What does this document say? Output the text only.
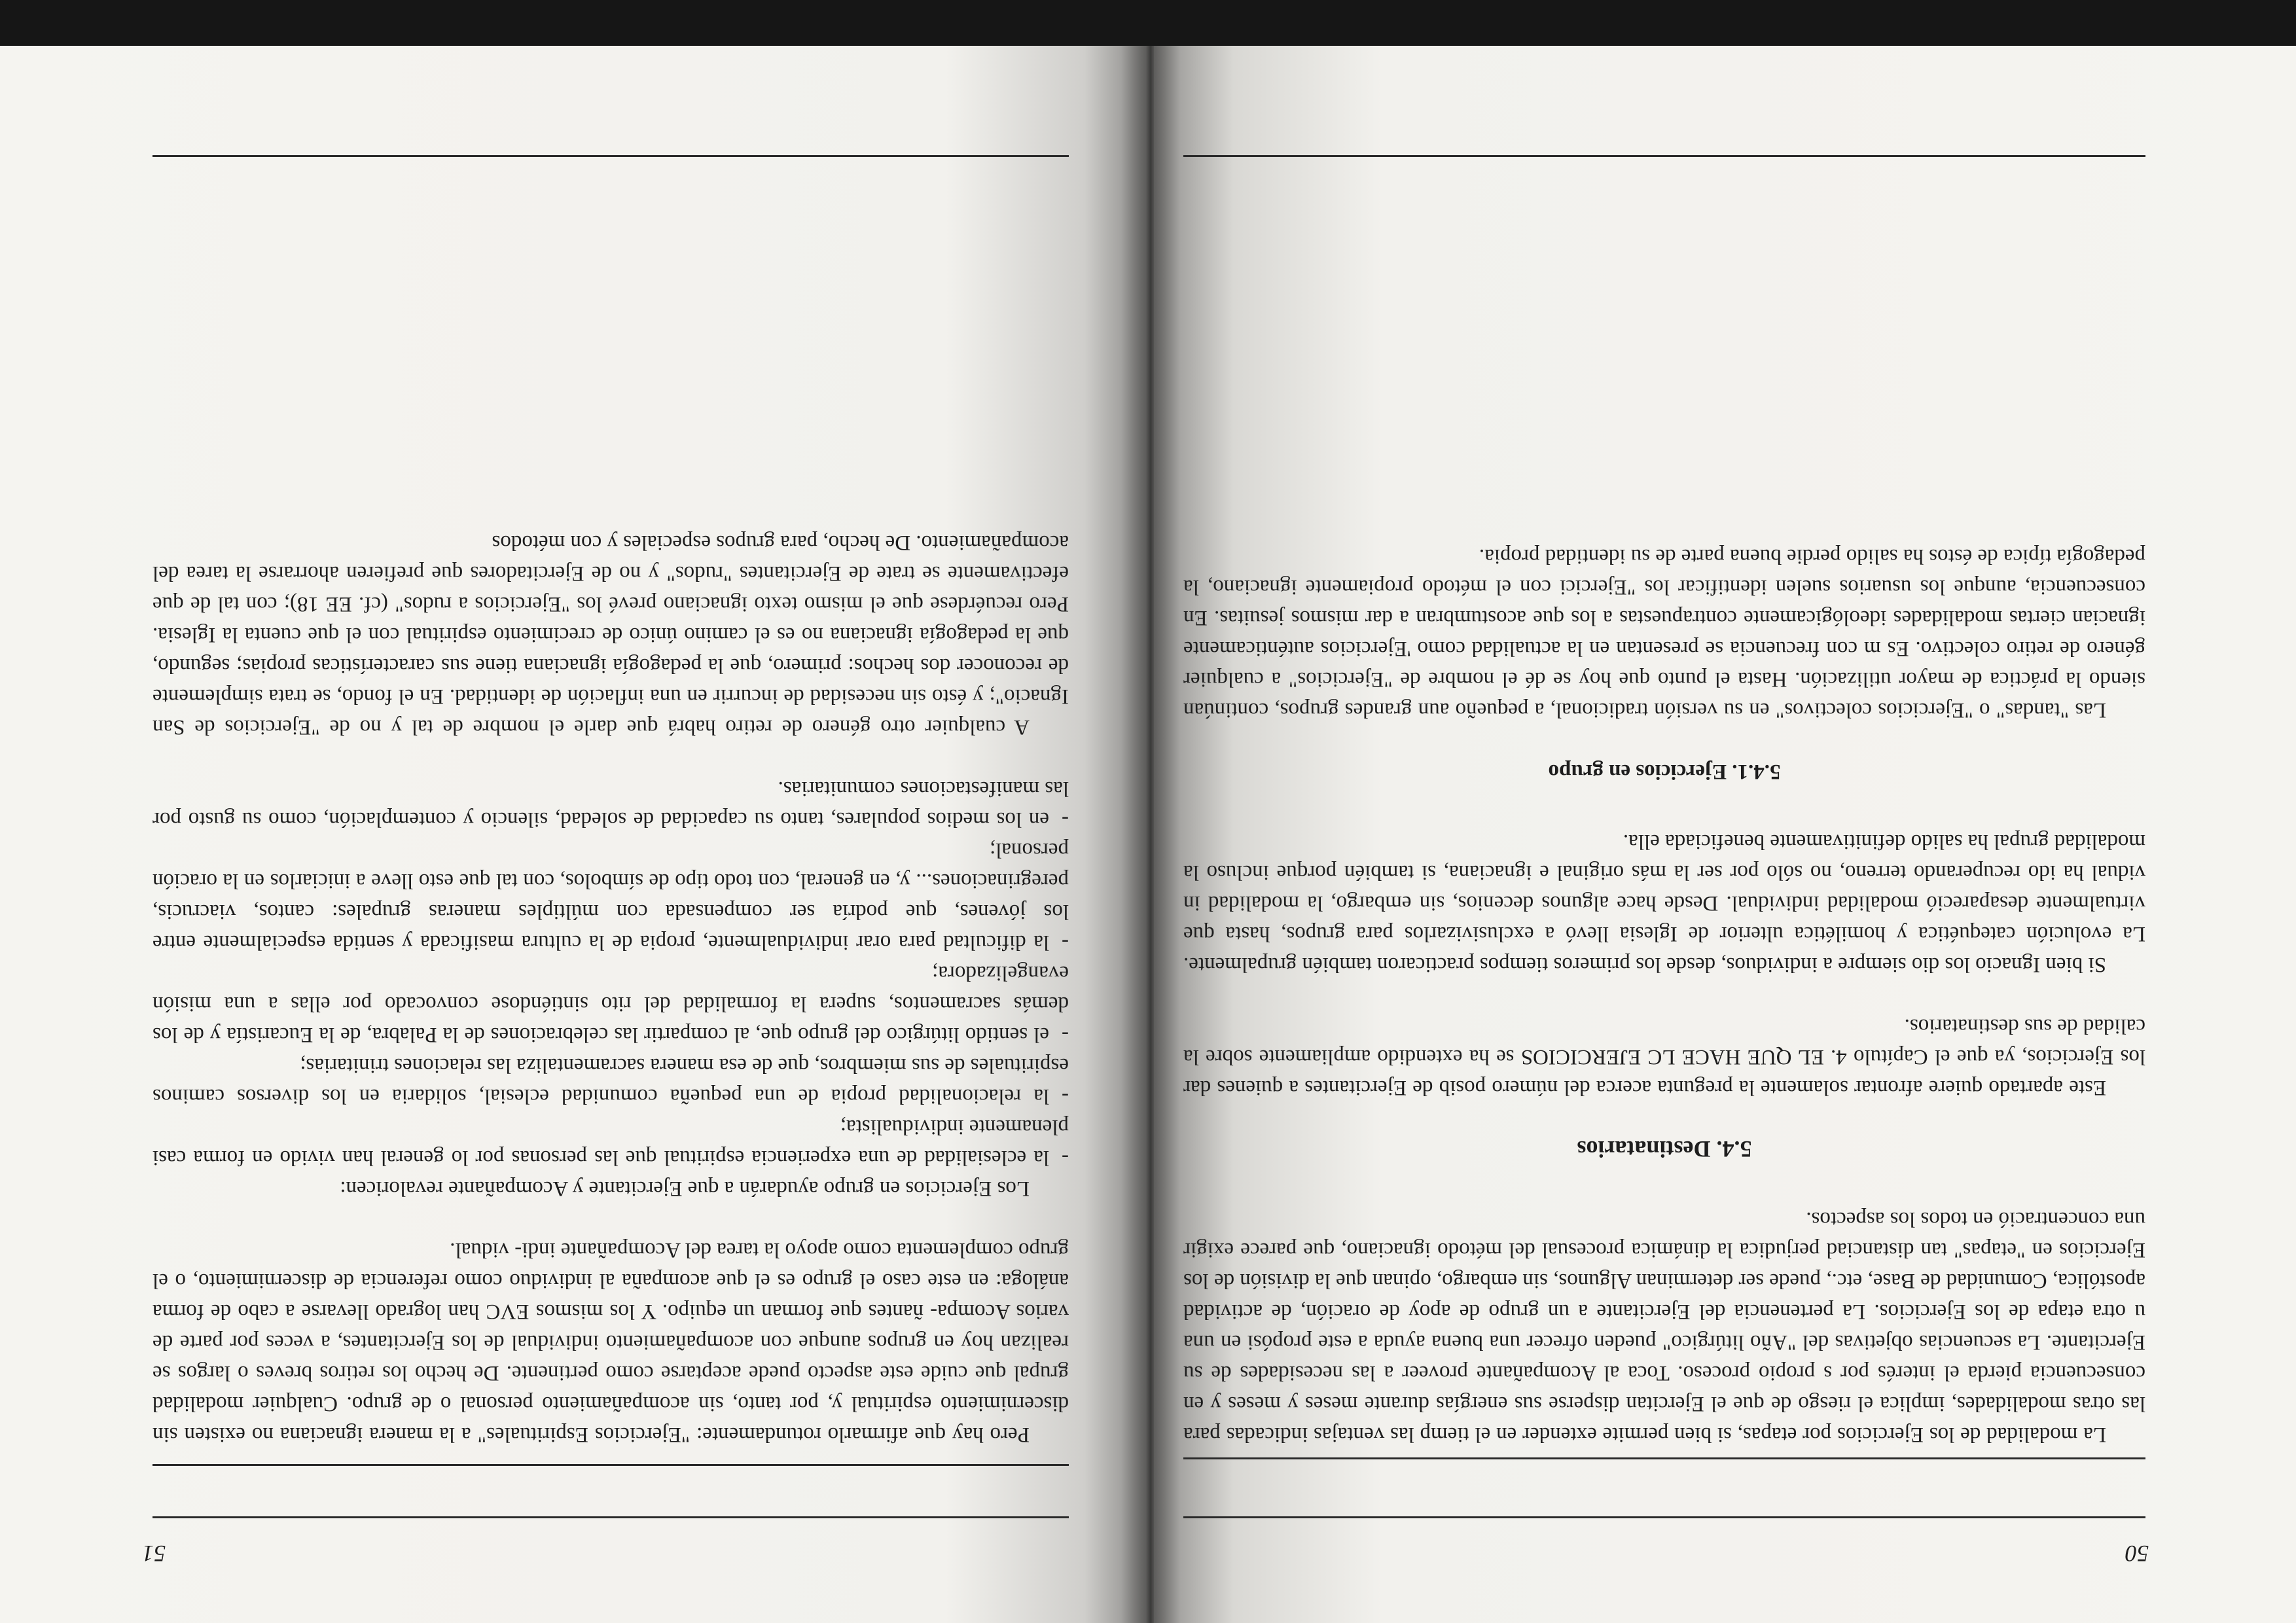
50

La modalidad de los Ejercicios por etapas, si bien permite extender en el tiemp las ventajas indicadas para las otras modalidades, implica el riesgo de que el Ejercitan disperse sus energías durante meses y meses y en consecuencia pierda el interés por s propio proceso. Toca al Acompañante proveer a las necesidades de su Ejercitante. La secuencias objetivas del "Año litúrgico" pueden ofrecer una buena ayuda a este propósi en una u otra etapa de los Ejercicios. La pertenencia del Ejercitante a un grupo de apoy de oración, de actividad apostólica, Comunidad de Base, etc., puede ser determinan Algunos, sin embargo, opinan que la división de los Ejercicios en "etapas" tan distanciad perjudica la dinámica procesual del método ignaciano, que parece exigir una concentració en todos los aspectos.

5.4. Destinatarios

Este apartado quiere afrontar solamente la pregunta acerca del número posib de Ejercitantes a quienes dar los Ejercicios, ya que el Capítulo 4. EL QUE HACE LC EJERCICIOS se ha extendido ampliamente sobre la calidad de sus destinatarios.

Si bien Ignacio los dio siempre a individuos, desde los primeros tiempos practicaron también grupalmente. La evolución catequética y homilética ulterior de Iglesia llevó a exclusivizarlos para grupos, hasta que virtualmente desapareció modalidad individual. Desde hace algunos decenios, sin embargo, la modalidad in vidual ha ido recuperando terreno, no sólo por ser la más original e ignaciana, si también porque incluso la modalidad grupal ha salido definitivamente beneficiada ella.

5.4.1. Ejercicios en grupo

Las "tandas" o "Ejercicios colectivos" en su versión tradicional, a pequeño aun grandes grupos, continúan siendo la práctica de mayor utilización. Hasta el punto que hoy se dé el nombre de "Ejercicios" a cualquier género de retiro colectivo. Es m con frecuencia se presentan en la actualidad como 'Ejercicios auténticamente ignacian ciertas modalidades ideológicamente contrapuestas a los que acostumbran a dar mismos jesuitas. En consecuencia, aunque los usuarios suelen identificar los "Ejercici con el método propiamente ignaciano, la pedagogía típica de éstos ha salido perdie buena parte de su identidad propia.

51

Pero hay que afirmarlo rotundamente: "Ejercicios Espirituales" a la manera ignaciana no existen sin discernimiento espiritual y, por tanto, sin acompañamiento personal o de grupo. Cualquier modalidad grupal que cuide este aspecto puede aceptarse como pertinente. De hecho los retiros breves o largos se realizan hoy en grupos aunque con acompañamiento individual de los Ejercitantes, a veces por parte de varios Acompa- ñantes que forman un equipo. Y los mismos EVC han logrado llevarse a cabo de forma análoga: en este caso el grupo es el que acompaña al individuo como referencia de discernimiento, o el grupo complementa como apoyo la tarea del Acompañante indi- vidual.

Los Ejercicios en grupo ayudarán a que Ejercitante y Acompañante revaloricen:

-la eclesialidad de una experiencia espiritual que las personas por lo general han vivido en forma casi plenamente individualista;

-la relacionalidad propia de una pequeña comunidad eclesial, solidaria en los diversos caminos espirituales de sus miembros, que de esa manera sacramentaliza las relaciones trinitarias;

-el sentido litúrgico del grupo que, al compartir las celebraciones de la Palabra, de la Eucaristía y de los demás sacramentos, supera la formalidad del rito sintiéndose convocado por ellas a una misión evangelizadora;

-la dificultad para orar individualmente, propia de la cultura masificada y sentida especialmente entre los jóvenes, que podría ser compensada con múltiples maneras grupales: cantos, viacrucis, peregrinaciones... y, en general, con todo tipo de símbolos, con tal que esto lleve a iniciarlos en la oración personal;

-en los medios populares, tanto su capacidad de soledad, silencio y contemplación, como su gusto por las manifestaciones comunitarias.

A cualquier otro género de retiro habrá que darle el nombre de tal y no de "Ejercicios de San Ignacio"; y ésto sin necesidad de incurrir en una inflación de identidad. En el fondo, se trata simplemente de reconocer dos hechos: primero, que la pedagogía ignaciana tiene sus características propias; segundo, que la pedagogía ignaciana no es el camino único de crecimiento espiritual con el que cuenta la Iglesia. Pero recuérdese que el mismo texto ignaciano prevé los "Ejercicios a rudos" (cf. EE 18); con tal de que efectivamente se trate de Ejercitantes "rudos" y no de Ejercitadores que prefieren ahorrarse la tarea del acompañamiento. De hecho, para grupos especiales y con métodos
